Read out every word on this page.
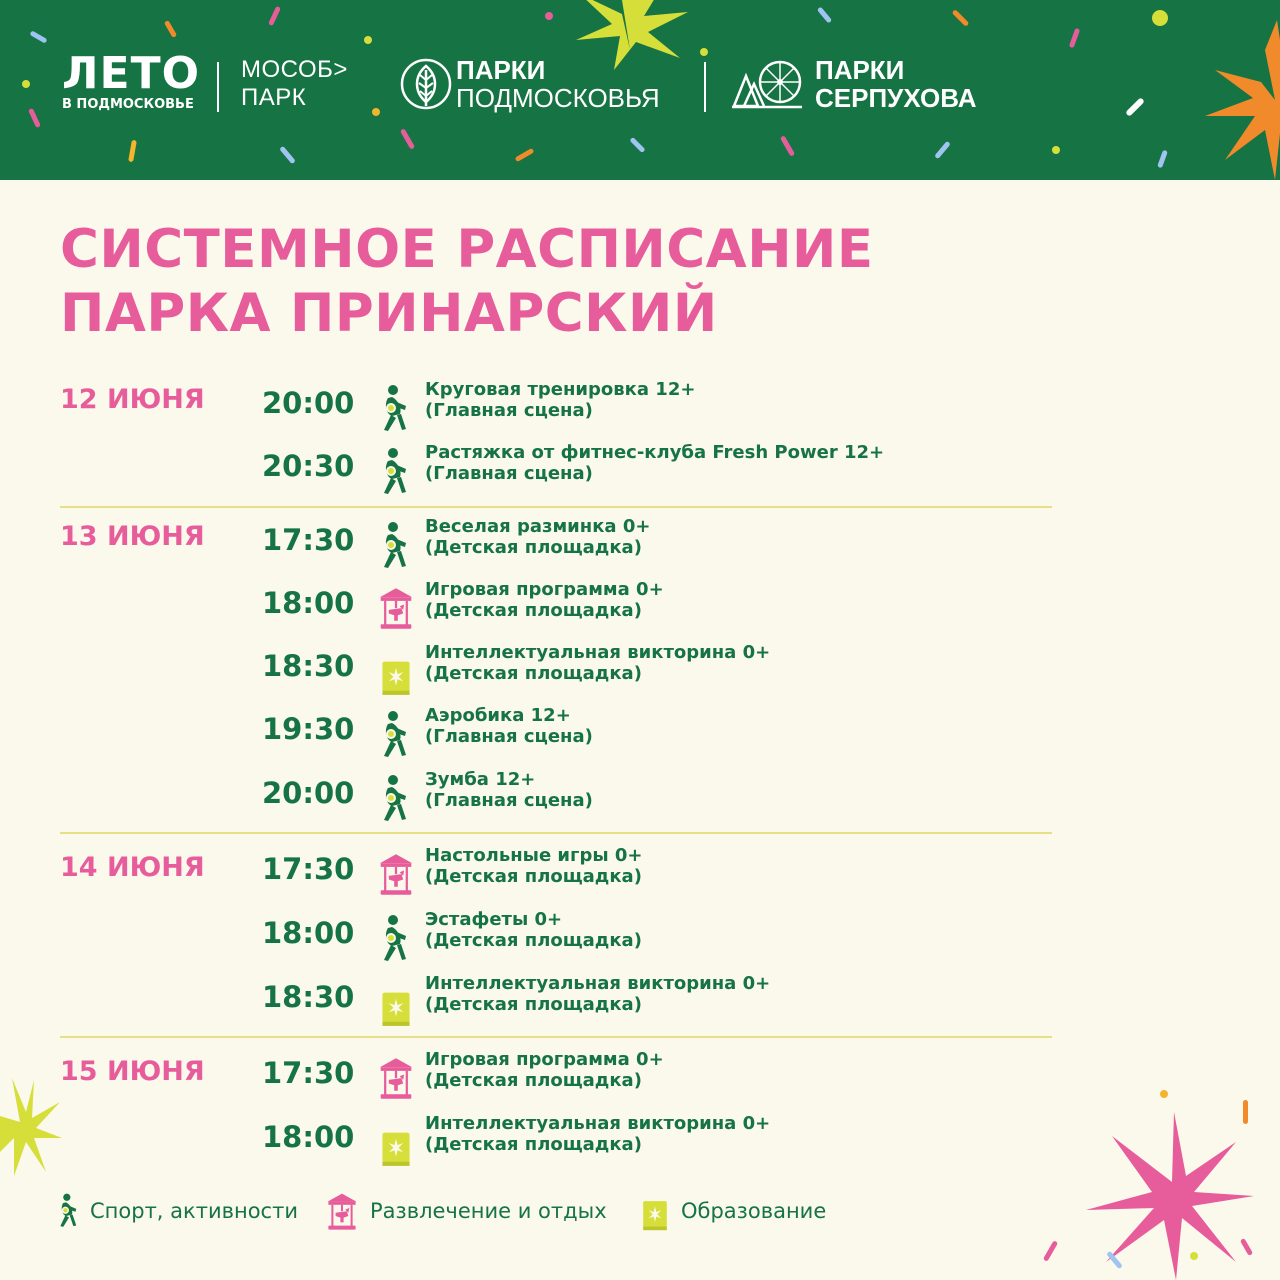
ЛЕТО
В ПОДМОСКОВЬЕ
МОСОБ>
ПАРК
ПАРКИ
ПОДМОСКОВЬЯ
ПАРКИ
СЕРПУХОВА
СИСТЕМНОЕ РАСПИСАНИЕ
ПАРКА ПРИНАРСКИЙ
12 ИЮНЯ 20:00	Круговая тренировка 12+
(Главная сцена)
20:30	Растяжка от фитнес-клуба Fresh Power 12+
(Главная сцена)
13 ИЮНЯ 17:30	Веселая разминка 0+
(Детская площадка)
18:00	Игровая программа 0+
(Детская площадка)
18:30	Интеллектуальная викторина 0+
(Детская площадка)
19:30	Аэробика 12+
(Главная сцена)
20:00	Зумба 12+
(Главная сцена)
14 ИЮНЯ 17:30	Настольные игры 0+
(Детская площадка)
18:00	Эстафеты 0+
(Детская площадка)
18:30	Интеллектуальная викторина 0+
(Детская площадка)
15 ИЮНЯ 17:30	Игровая программа 0+
(Детская площадка)
18:00	Интеллектуальная викторина 0+
(Детская площадка)
Спорт, активности	Развлечение и отдых	Образование
